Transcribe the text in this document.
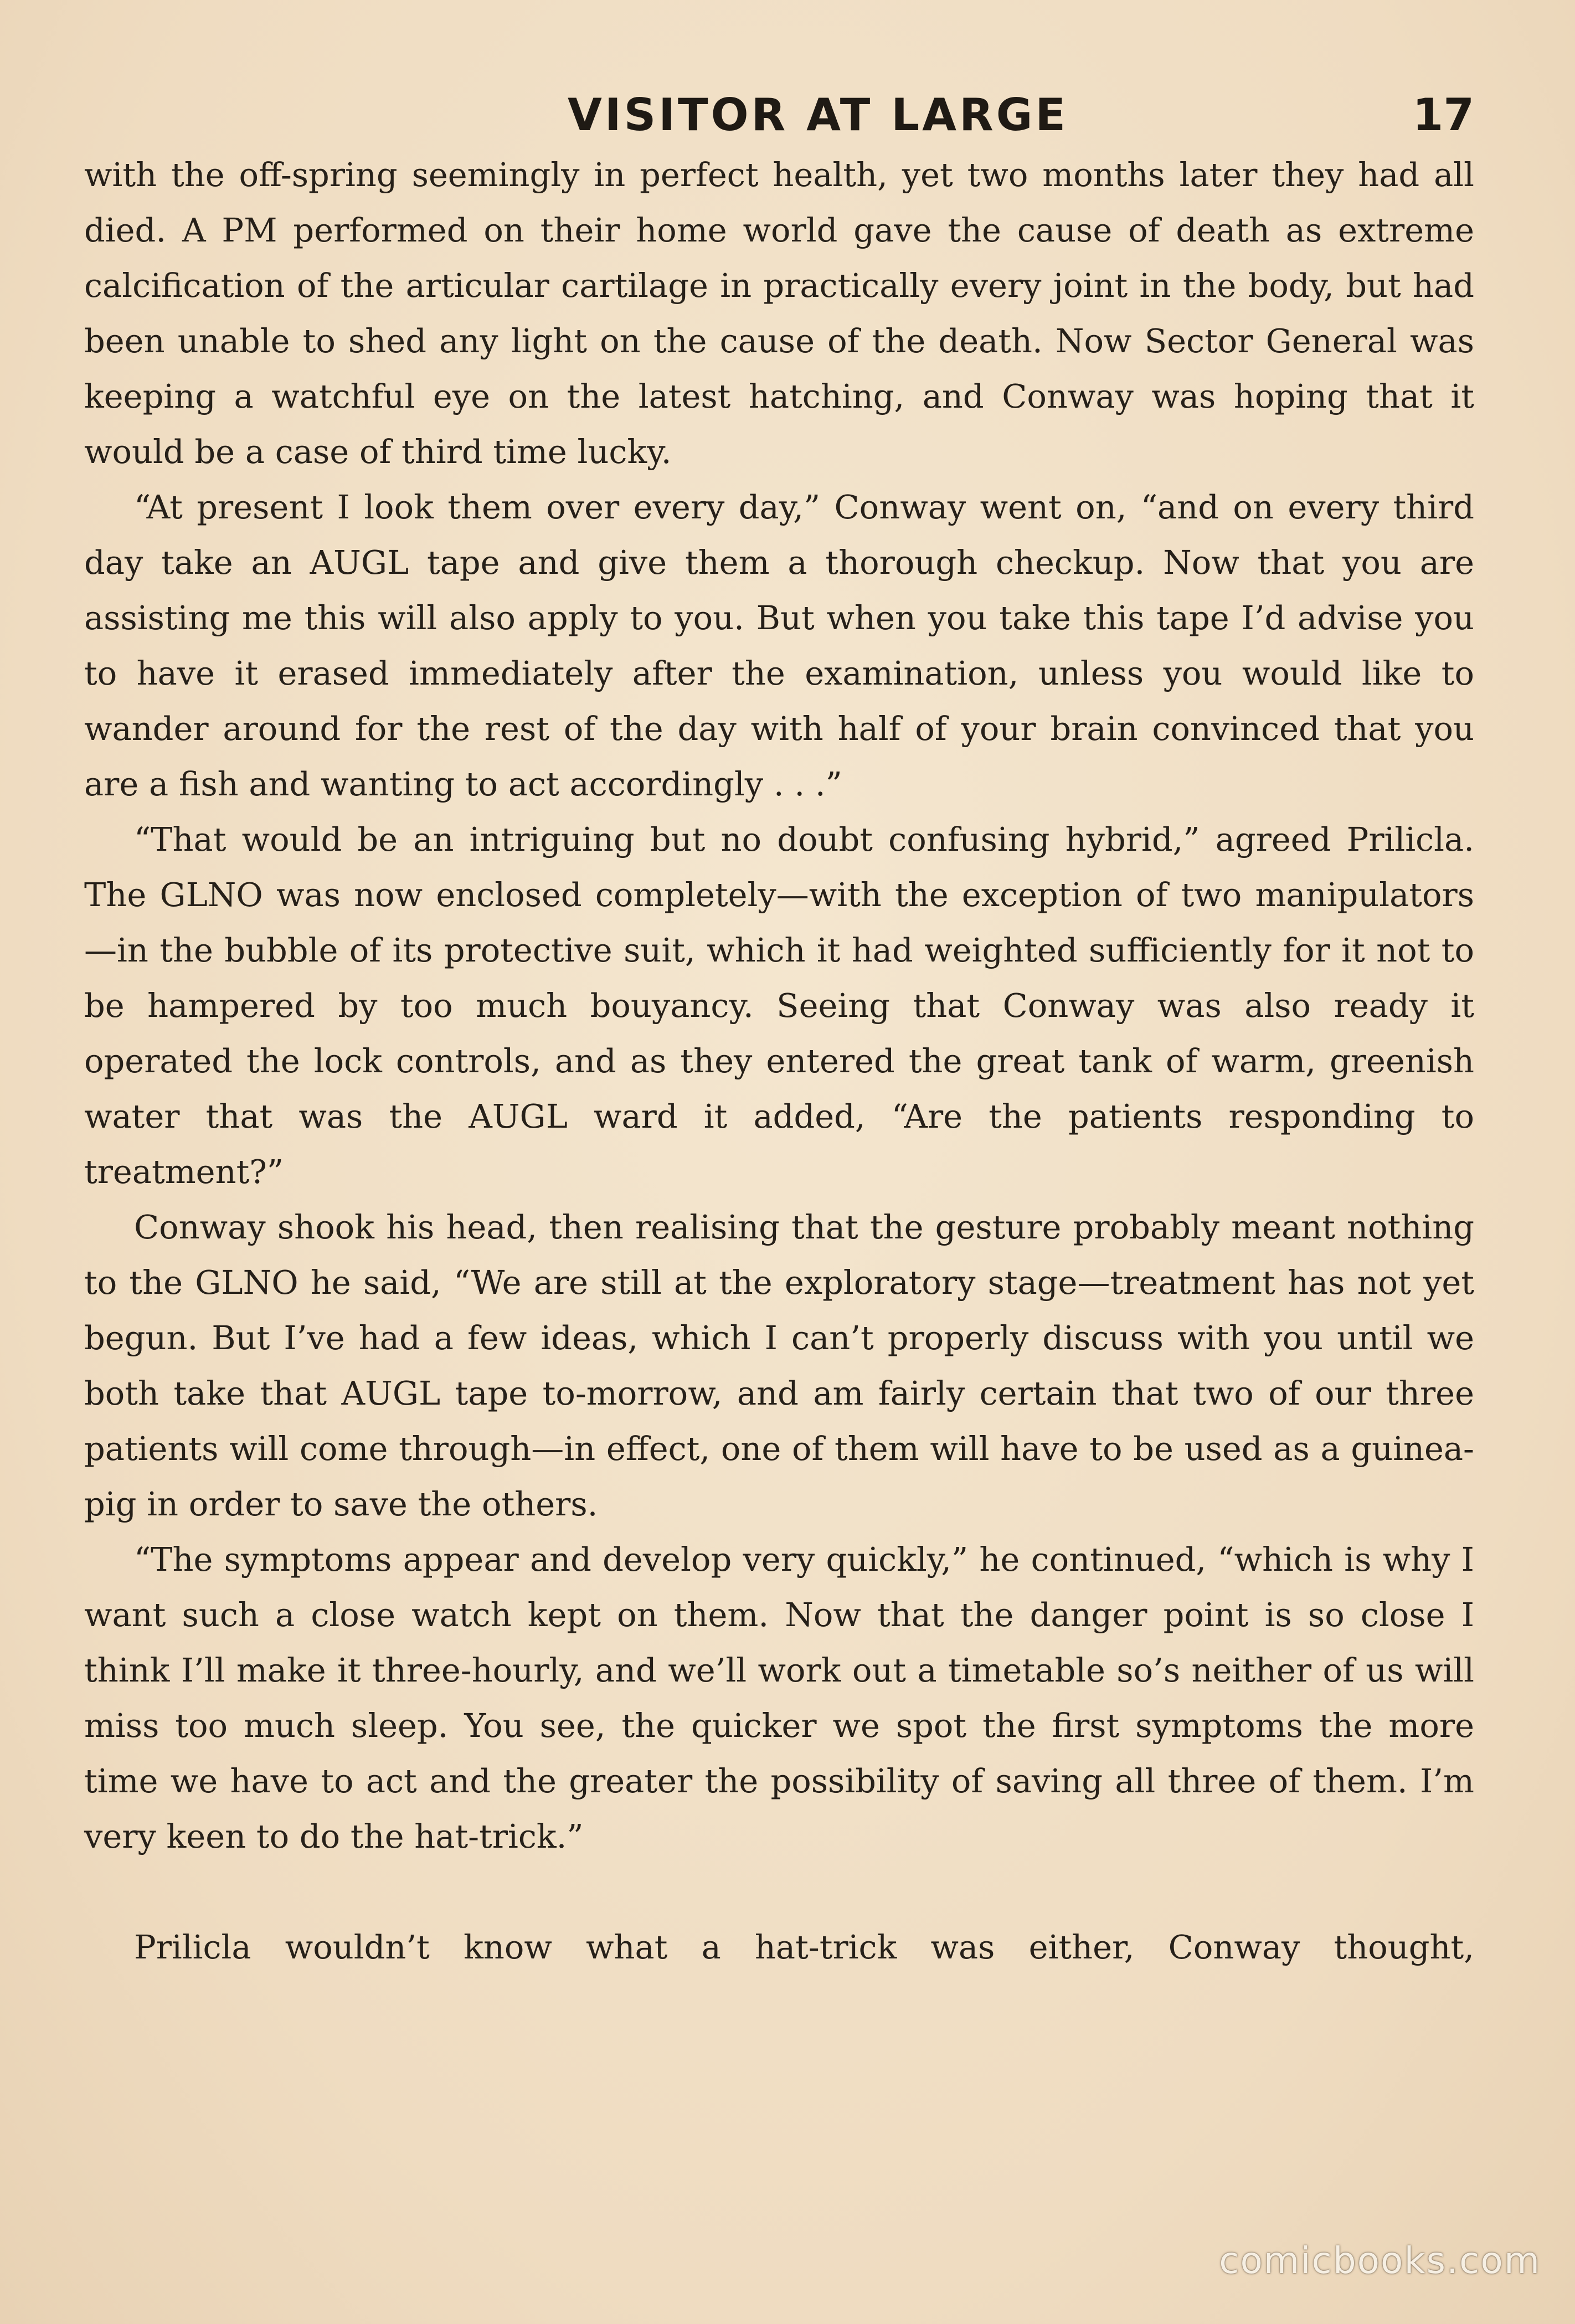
VISITOR AT LARGE	17

with the off-spring seemingly in perfect health, yet two months later they had all died. A PM performed on their home world gave the cause of death as extreme calcification of the articular cartilage in practically every joint in the body, but had been unable to shed any light on the cause of the death. Now Sector General was keeping a watchful eye on the latest hatching, and Conway was hoping that it would be a case of third time lucky.

“At present I look them over every day,” Conway went on, “and on every third day take an AUGL tape and give them a thorough checkup. Now that you are assisting me this will also apply to you. But when you take this tape I’d advise you to have it erased immediately after the examination, unless you would like to wander around for the rest of the day with half of your brain convinced that you are a fish and wanting to act accordingly . . .”

“That would be an intriguing but no doubt confusing hybrid,” agreed Prilicla. The GLNO was now enclosed completely—with the exception of two manipulators—in the bubble of its protective suit, which it had weighted sufficiently for it not to be hampered by too much bouyancy. Seeing that Conway was also ready it operated the lock controls, and as they entered the great tank of warm, greenish water that was the AUGL ward it added, “Are the patients responding to treatment?”

Conway shook his head, then realising that the gesture probably meant nothing to the GLNO he said, “We are still at the exploratory stage—treatment has not yet begun. But I’ve had a few ideas, which I can’t properly discuss with you until we both take that AUGL tape to-morrow, and am fairly certain that two of our three patients will come through—in effect, one of them will have to be used as a guinea-pig in order to save the others.

“The symptoms appear and develop very quickly,” he continued, “which is why I want such a close watch kept on them. Now that the danger point is so close I think I’ll make it three-hourly, and we’ll work out a timetable so’s neither of us will miss too much sleep. You see, the quicker we spot the first symptoms the more time we have to act and the greater the possibility of saving all three of them. I’m very keen to do the hat-trick.”

Prilicla wouldn’t know what a hat-trick was either, Conway thought,

comicbooks.com
